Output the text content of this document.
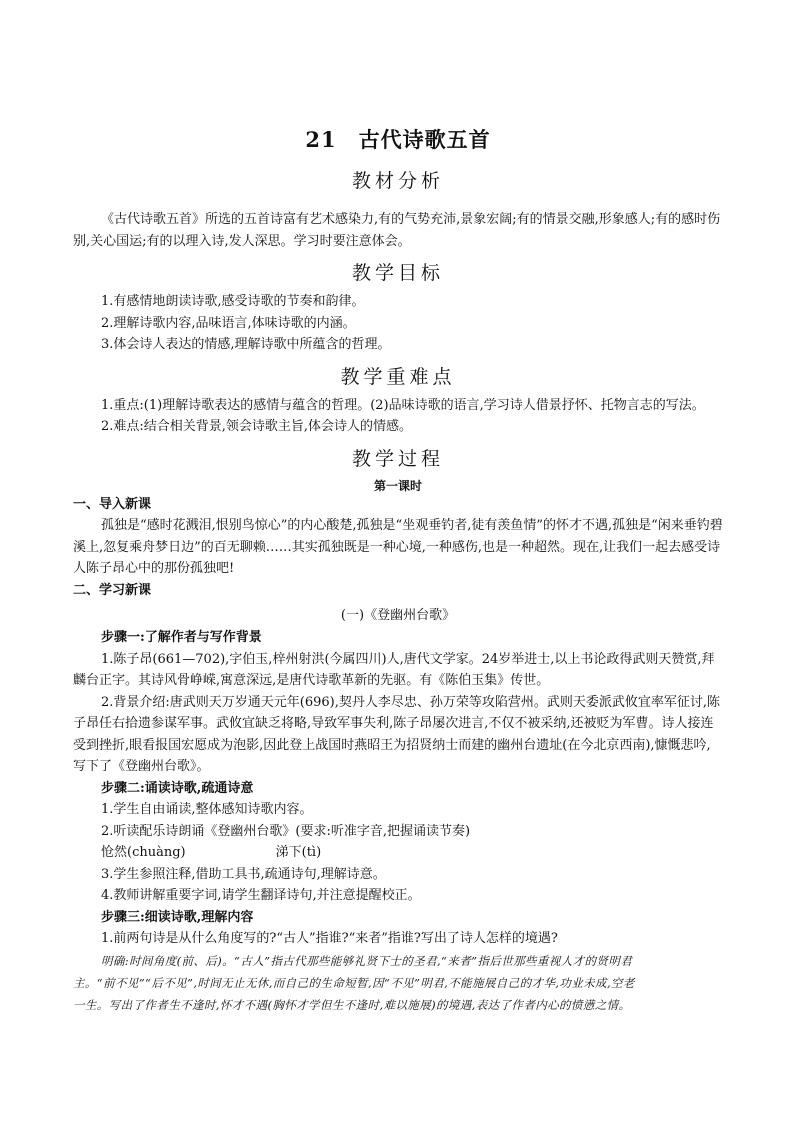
21 古代诗歌五首
教材分析

《古代诗歌五首》所选的五首诗富有艺术感染力,有的气势充沛,景象宏阔;有的情景交融,形象感人;有的感时伤别,关心国运;有的以理入诗,发人深思。学习时要注意体会。

教学目标

1.有感情地朗读诗歌,感受诗歌的节奏和韵律。

2.理解诗歌内容,品味语言,体味诗歌的内涵。

3.体会诗人表达的情感,理解诗歌中所蕴含的哲理。

教学重难点

1.重点:(1)理解诗歌表达的感情与蕴含的哲理。(2)品味诗歌的语言,学习诗人借景抒怀、托物言志的写法。

2.难点:结合相关背景,领会诗歌主旨,体会诗人的情感。

教学过程
第一课时
一、导入新课

孤独是“感时花溅泪,恨别鸟惊心”的内心酸楚,孤独是“坐观垂钓者,徒有羡鱼情”的怀才不遇,孤独是“闲来垂钓碧溪上,忽复乘舟梦日边”的百无聊赖……其实孤独既是一种心境,一种感伤,也是一种超然。现在,让我们一起去感受诗人陈子昂心中的那份孤独吧!

二、学习新课
(一)《登幽州台歌》
步骤一:了解作者与写作背景

1.陈子昂(661—702),字伯玉,梓州射洪(今属四川)人,唐代文学家。24岁举进士,以上书论政得武则天赞赏,拜麟台正字。其诗风骨峥嵘,寓意深远,是唐代诗歌革新的先驱。有《陈伯玉集》传世。

2.背景介绍:唐武则天万岁通天元年(696),契丹人李尽忠、孙万荣等攻陷营州。武则天委派武攸宜率军征讨,陈子昂任右拾遗参谋军事。武攸宜缺乏将略,导致军事失利,陈子昂屡次进言,不仅不被采纳,还被贬为军曹。诗人接连受到挫折,眼看报国宏愿成为泡影,因此登上战国时燕昭王为招贤纳士而建的幽州台遗址(在今北京西南),慷慨悲吟,写下了《登幽州台歌》。

步骤二:诵读诗歌,疏通诗意

1.学生自由诵读,整体感知诗歌内容。

2.听读配乐诗朗诵《登幽州台歌》(要求:听准字音,把握诵读节奏)

怆然(chuàng)	涕下(tì)

3.学生参照注释,借助工具书,疏通诗句,理解诗意。

4.教师讲解重要字词,请学生翻译诗句,并注意提醒校正。

步骤三:细读诗歌,理解内容

1.前两句诗是从什么角度写的?“古人”指谁?“来者”指谁?写出了诗人怎样的境遇?

明确:时间角度(前、后)。“古人”指古代那些能够礼贤下士的圣君,“来者”指后世那些重视人才的贤明君

主。“前不见”“后不见”,时间无止无休,而自己的生命短暂,因“不见”明君,不能施展自己的才华,功业未成,空老

一生。写出了作者生不逢时,怀才不遇(胸怀才学但生不逢时,难以施展)的境遇,表达了作者内心的愤懑之情。
